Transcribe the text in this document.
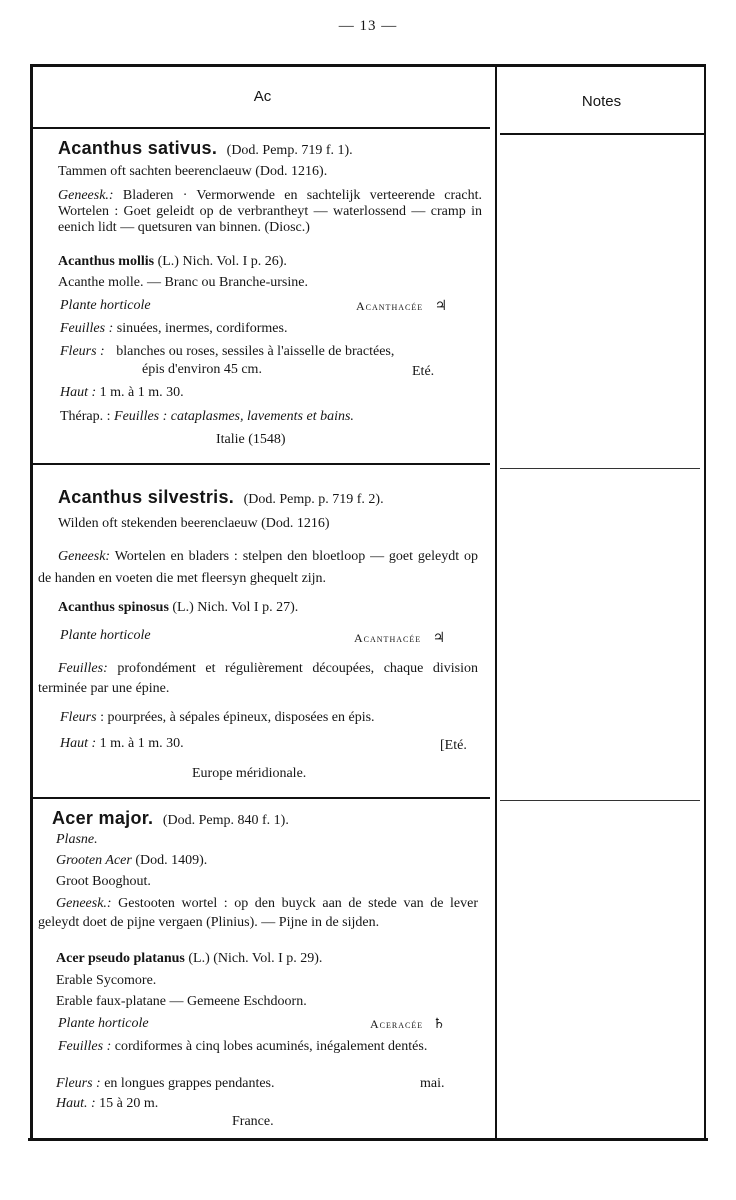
— 13 —
Ac	Notes
Acanthus sativus. (Dod. Pemp. 719 f. 1).
Tammen oft sachten beerenclaeuw (Dod. 1216).
Geneesk.: Bladeren · Vermorwende en sachtelijk verteerende cracht. Wortelen : Goet geleidt op de verbrantheyt — waterlossend — cramp in eenich lidt — quetsuren van binnen. (Diosc.)
Acanthus mollis (L.) Nich. Vol. I p. 26).
Acanthe molle. — Branc ou Branche-ursine.
Plante horticole	Acanthacée ♃
Feuilles : sinuées, inermes, cordiformes.
Fleurs : blanches ou roses, sessiles à l'aisselle de bractées,
épis d'environ 45 cm.	Eté.
Haut : 1 m. à 1 m. 30.
Thérap. : Feuilles : cataplasmes, lavements et bains.
Italie (1548)
Acanthus silvestris. (Dod. Pemp. p. 719 f. 2).
Wilden oft stekenden beerenclaeuw (Dod. 1216)
Geneesk: Wortelen en bladers : stelpen den bloetloop — goet geleydt op de handen en voeten die met fleersyn ghequelt zijn.
Acanthus spinosus (L.) Nich. Vol I p. 27).
Plante horticole	Acanthacée ♃
Feuilles: profondément et régulièrement découpées, chaque division terminée par une épine.
Fleurs : pourprées, à sépales épineux, disposées en épis.
Haut : 1 m. à 1 m. 30.	[Eté.
Europe méridionale.
Acer major. (Dod. Pemp. 840 f. 1).
Plasne.
Grooten Acer (Dod. 1409).
Groot Booghout.
Geneesk.: Gestooten wortel : op den buyck aan de stede van de lever geleydt doet de pijne vergaen (Plinius). — Pijne in de sijden.
Acer pseudo platanus (L.) (Nich. Vol. I p. 29).
Erable Sycomore.
Erable faux-platane — Gemeene Eschdoorn.
Plante horticole	Aceracée ♄
Feuilles : cordiformes à cinq lobes acuminés, inégalement dentés.
Fleurs : en longues grappes pendantes.	mai.
Haut. : 15 à 20 m.
France.
